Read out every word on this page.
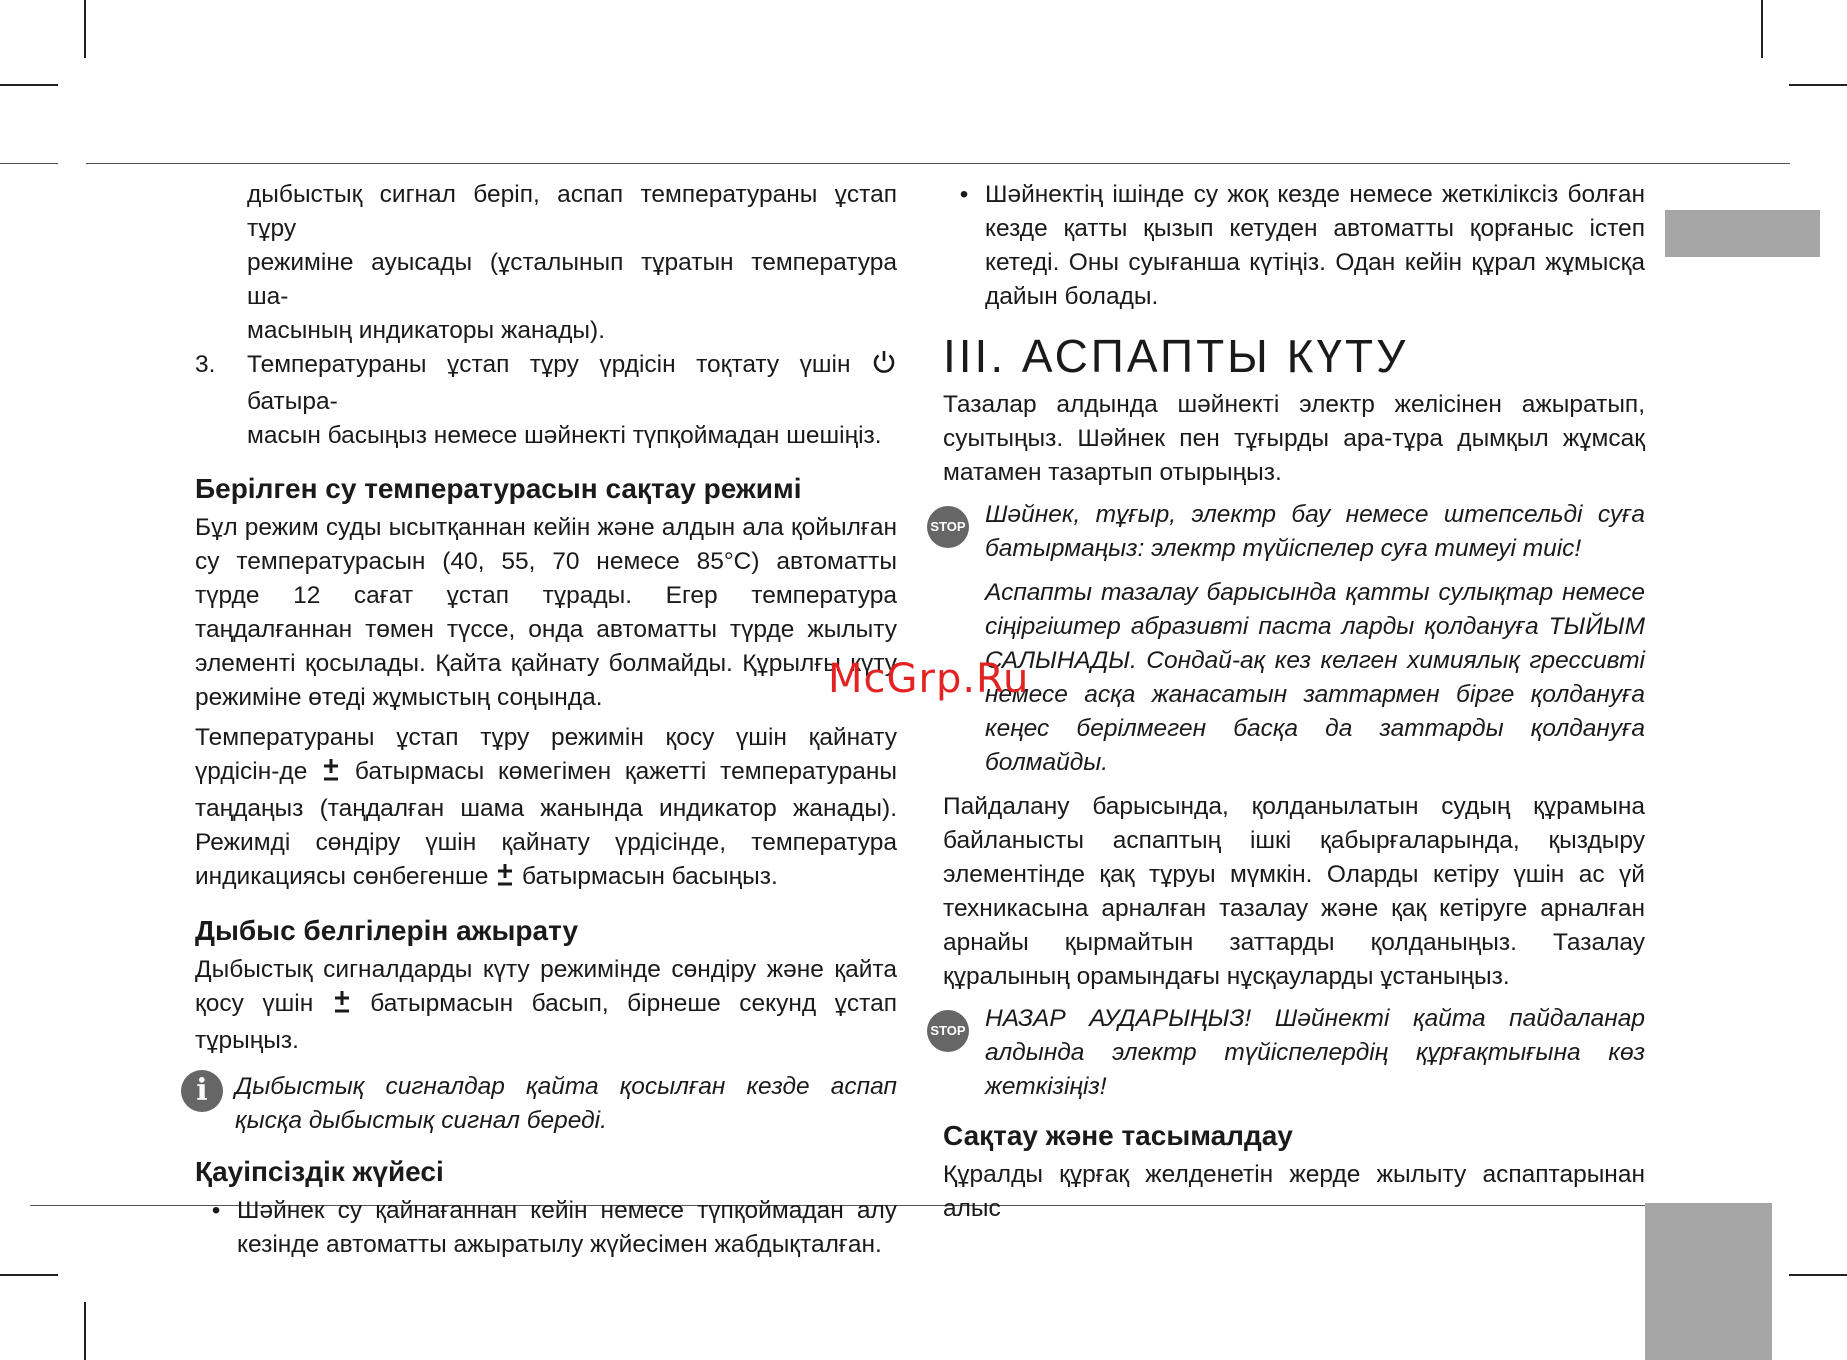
дыбыстық сигнал беріп, аспап температураны ұстап тұру
режиміне ауысады (ұсталынып тұратын температура ша-
масының индикаторы жанады).
3.	Температураны ұстап тұру үрдісін тоқтату үшін  батыра-
масын басыңыз немесе шәйнекті түпқоймадан шешіңіз.

Берілген су температурасын сақтау режимі

Бұл режим суды ысытқаннан кейін және алдын ала қойылған су температурасын (40, 55, 70 немесе 85°С) автоматты түрде 12 сағат ұстап тұрады. Егер температура таңдалғаннан төмен түссе, онда автоматты түрде жылыту элементі қосылады. Қайта қайнату болмайды. Құрылғы күту режиміне өтеді жұмыстың соңында.

Температураны ұстап тұру режимін қосу үшін қайнату үрдісін-де  батырмасы көмегімен қажетті температураны таңдаңыз (таңдалған шама жанында индикатор жанады). Режимді сөндіру үшін қайнату үрдісінде, температура индикациясы сөнбегенше  батырмасын басыңыз.

Дыбыс белгілерін ажырату

Дыбыстық сигналдарды күту режимінде сөндіру және қайта қосу үшін  батырмасын басып, бірнеше секунд ұстап тұрыңыз.

i	Дыбыстық сигналдар қайта қосылған кезде аспап қысқа дыбыстық сигнал береді.

Қауіпсіздік жүйесі

• Шәйнек су қайнағаннан кейін немесе түпқоймадан алу кезінде автоматты ажыратылу жүйесімен жабдықталған.
• Шәйнектің ішінде су жоқ кезде немесе жеткіліксіз болған кезде қатты қызып кетуден автоматты қорғаныс істеп кетеді. Оны суығанша күтіңіз. Одан кейін құрал жұмысқа дайын болады.

III. АСПАПТЫ КҮТУ

Тазалар алдында шәйнекті электр желісінен ажыратып, суытыңыз. Шәйнек пен тұғырды ара-тұра дымқыл жұмсақ матамен тазартып отырыңыз.

STOP Шәйнек, тұғыр, электр бау немесе штепсельді суға батырмаңыз: электр түйіспелер суға тимеуі тиіс!
Аспапты тазалау барысында қатты сулықтар немесе сіңіргіштер абразивті паста ларды қолдануға ТЫЙЫМ САЛЫНАДЫ. Сондай-ақ кез келген химиялық грессивті немесе асқа жанасатын заттармен бірге қолдануға кеңес берілмеген басқа да заттарды қолдануға болмайды.

Пайдалану барысында, қолданылатын судың құрамына байланысты аспаптың ішкі қабырғаларында, қыздыру элементінде қақ тұруы мүмкін. Оларды кетіру үшін ас үй техникасына арналған тазалау және қақ кетіруге арналған арнайы қырмайтын заттарды қолданыңыз. Тазалау құралының орамындағы нұсқауларды ұстаныңыз.

STOP НАЗАР АУДАРЫҢЫЗ! Шәйнекті қайта пайдаланар алдында электр түйіспелердің құрғақтығына көз жеткізіңіз!

Сақтау және тасымалдау

Құралды құрғақ желденетін жерде жылыту аспаптарынан алыс

McGrp.Ru
